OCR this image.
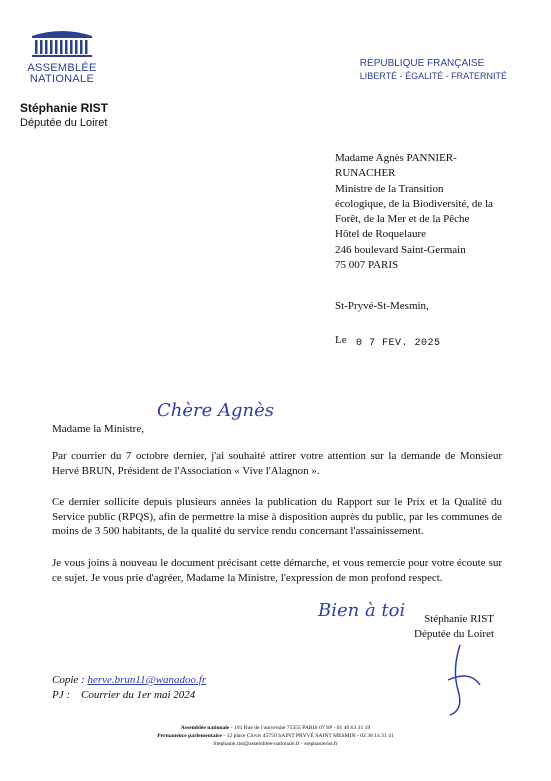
ASSEMBLÉE
NATIONALE
RÉPUBLIQUE FRANÇAISE
LIBERTÉ - ÉGALITÉ - FRATERNITÉ
Stéphanie RIST
Députée du Loiret
Madame Agnès PANNIER-
RUNACHER
Ministre de la Transition
écologique, de la Biodiversité, de la
Forêt, de la Mer et de la Pêche
Hôtel de Roquelaure
246 boulevard Saint-Germain
75 007 PARIS
St-Pryvé-St-Mesmin,
Le 0 7 FEV. 2025
Chère Agnès
Madame la Ministre,
Par courrier du 7 octobre dernier, j'ai souhaité attirer votre attention sur la demande de Monsieur Hervé BRUN, Président de l'Association « Vive l'Alagnon ».
Ce dernier sollicite depuis plusieurs années la publication du Rapport sur le Prix et la Qualité du Service public (RPQS), afin de permettre la mise à disposition auprès du public, par les communes de moins de 3 500 habitants, de la qualité du service rendu concernant l'assainissement.
Je vous joins à nouveau le document précisant cette démarche, et vous remercie pour votre écoute sur ce sujet. Je vous prie d'agréer, Madame la Ministre, l'expression de mon profond respect.
Bien à toi	Stéphanie RIST
Députée du Loiret
Copie : herve.brun11@wanadoo.fr
PJ : Courrier du 1er mai 2024
Assemblée nationale - 101 Rue de l'université 75355 PARIS 07 SP - 01 40 63 31 19
Permanence parlementaire - 12 place Clovis 45750 SAINT PRYVÉ SAINT MESMIN - 02 38 14 31 41
Stephanie.rist@assemblee-nationale.fr - stephanierist.fr
